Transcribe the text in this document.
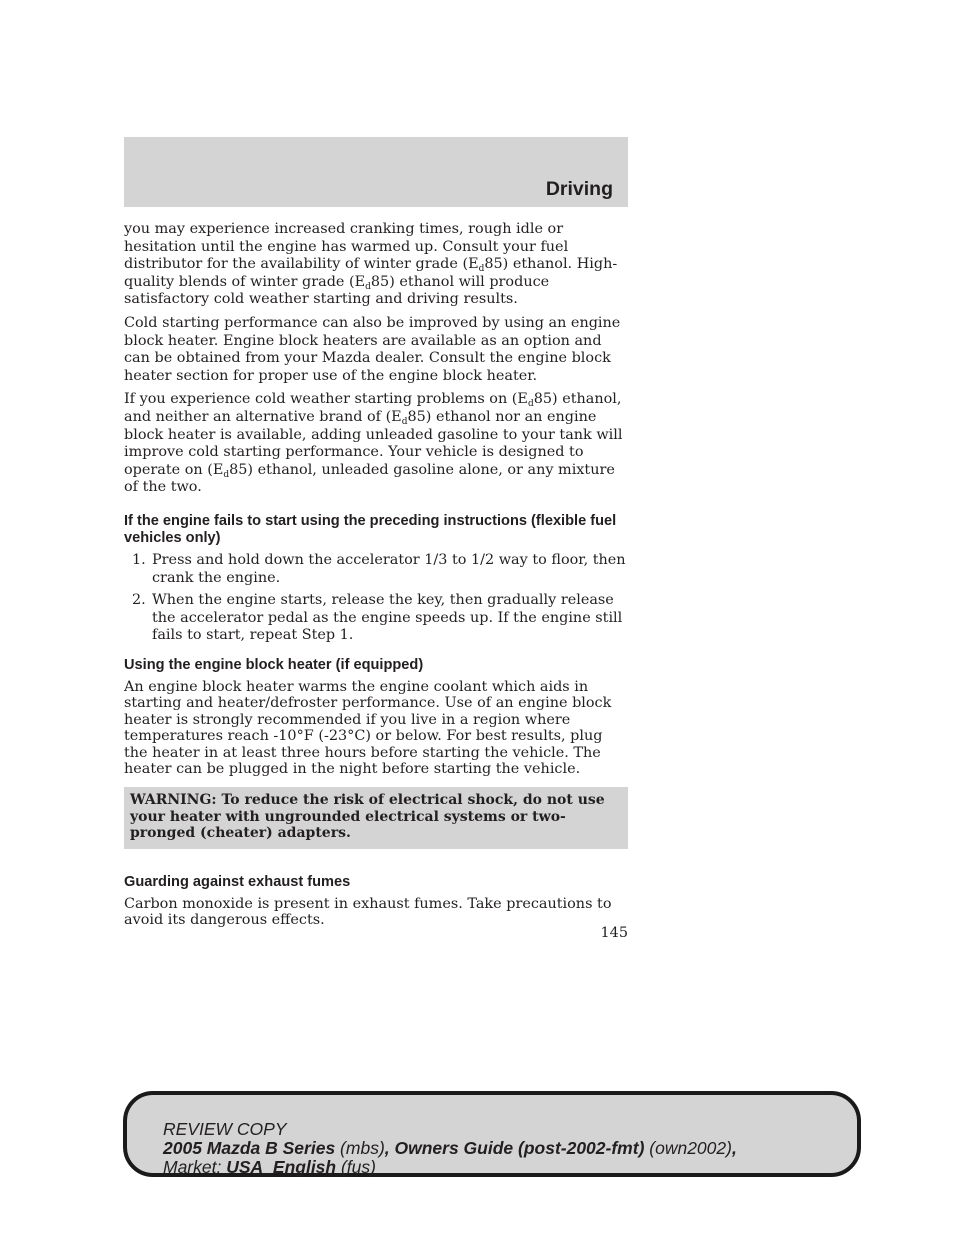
Driving

you may experience increased cranking times, rough idle or hesitation until the engine has warmed up. Consult your fuel distributor for the availability of winter grade $(E_d85)$ ethanol. High-quality blends of winter grade $(E_d85)$ ethanol will produce satisfactory cold weather starting and driving results.

Cold starting performance can also be improved by using an engine block heater. Engine block heaters are available as an option and can be obtained from your Mazda dealer. Consult the engine block heater section for proper use of the engine block heater.

If you experience cold weather starting problems on $(E_d85)$ ethanol, and neither an alternative brand of $(E_d85)$ ethanol nor an engine block heater is available, adding unleaded gasoline to your tank will improve cold starting performance. Your vehicle is designed to operate on $(E_d85)$ ethanol, unleaded gasoline alone, or any mixture of the two.

If the engine fails to start using the preceding instructions (flexible fuel vehicles only)
1. Press and hold down the accelerator 1/3 to 1/2 way to floor, then crank the engine.
2. When the engine starts, release the key, then gradually release the accelerator pedal as the engine speeds up. If the engine still fails to start, repeat Step 1.
Using the engine block heater (if equipped)

An engine block heater warms the engine coolant which aids in starting and heater/defroster performance. Use of an engine block heater is strongly recommended if you live in a region where temperatures reach -10°F (-23°C) or below. For best results, plug the heater in at least three hours before starting the vehicle. The heater can be plugged in the night before starting the vehicle.

WARNING: To reduce the risk of electrical shock, do not use your heater with ungrounded electrical systems or two-pronged (cheater) adapters.
Guarding against exhaust fumes

Carbon monoxide is present in exhaust fumes. Take precautions to avoid its dangerous effects.

145
REVIEW COPY
2005 Mazda B Series (mbs), Owners Guide (post-2002-fmt) (own2002),
Market: USA_English (fus)
